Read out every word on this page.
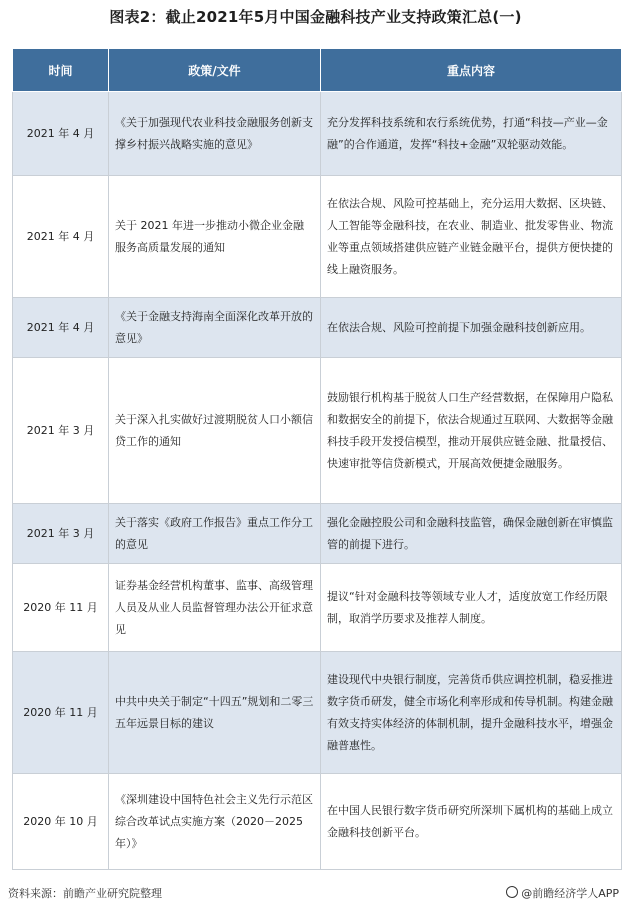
图表2：截止2021年5月中国金融科技产业支持政策汇总(一)
时间	政策/文件	重点内容
2021 年 4 月	《关于加强现代农业科技金融服务创新支撑乡村振兴战略实施的意见》	充分发挥科技系统和农行系统优势，打通“科技—产业—金融”的合作通道，发挥“科技+金融”双轮驱动效能。
2021 年 4 月	关于 2021 年进一步推动小微企业金融服务高质量发展的通知	在依法合规、风险可控基础上，充分运用大数据、区块链、人工智能等金融科技，在农业、制造业、批发零售业、物流业等重点领域搭建供应链产业链金融平台，提供方便快捷的线上融资服务。
2021 年 4 月	《关于金融支持海南全面深化改革开放的意见》	在依法合规、风险可控前提下加强金融科技创新应用。
2021 年 3 月	关于深入扎实做好过渡期脱贫人口小额信贷工作的通知	鼓励银行机构基于脱贫人口生产经营数据，在保障用户隐私和数据安全的前提下，依法合规通过互联网、大数据等金融科技手段开发授信模型，推动开展供应链金融、批量授信、快速审批等信贷新模式，开展高效便捷金融服务。
2021 年 3 月	关于落实《政府工作报告》重点工作分工的意见	强化金融控股公司和金融科技监管，确保金融创新在审慎监管的前提下进行。
2020 年 11 月	证券基金经营机构董事、监事、高级管理人员及从业人员监督管理办法公开征求意见	提议“针对金融科技等领域专业人才，适度放宽工作经历限制，取消学历要求及推荐人制度。
2020 年 11 月	中共中央关于制定“十四五”规划和二零三五年远景目标的建议	建设现代中央银行制度，完善货币供应调控机制，稳妥推进数字货币研发，健全市场化利率形成和传导机制。构建金融有效支持实体经济的体制机制，提升金融科技水平，增强金融普惠性。
2020 年 10 月	《深圳建设中国特色社会主义先行示范区综合改革试点实施方案（2020－2025 年）》	在中国人民银行数字货币研究所深圳下属机构的基础上成立金融科技创新平台。
资料来源：前瞻产业研究院整理	@前瞻经济学人APP
